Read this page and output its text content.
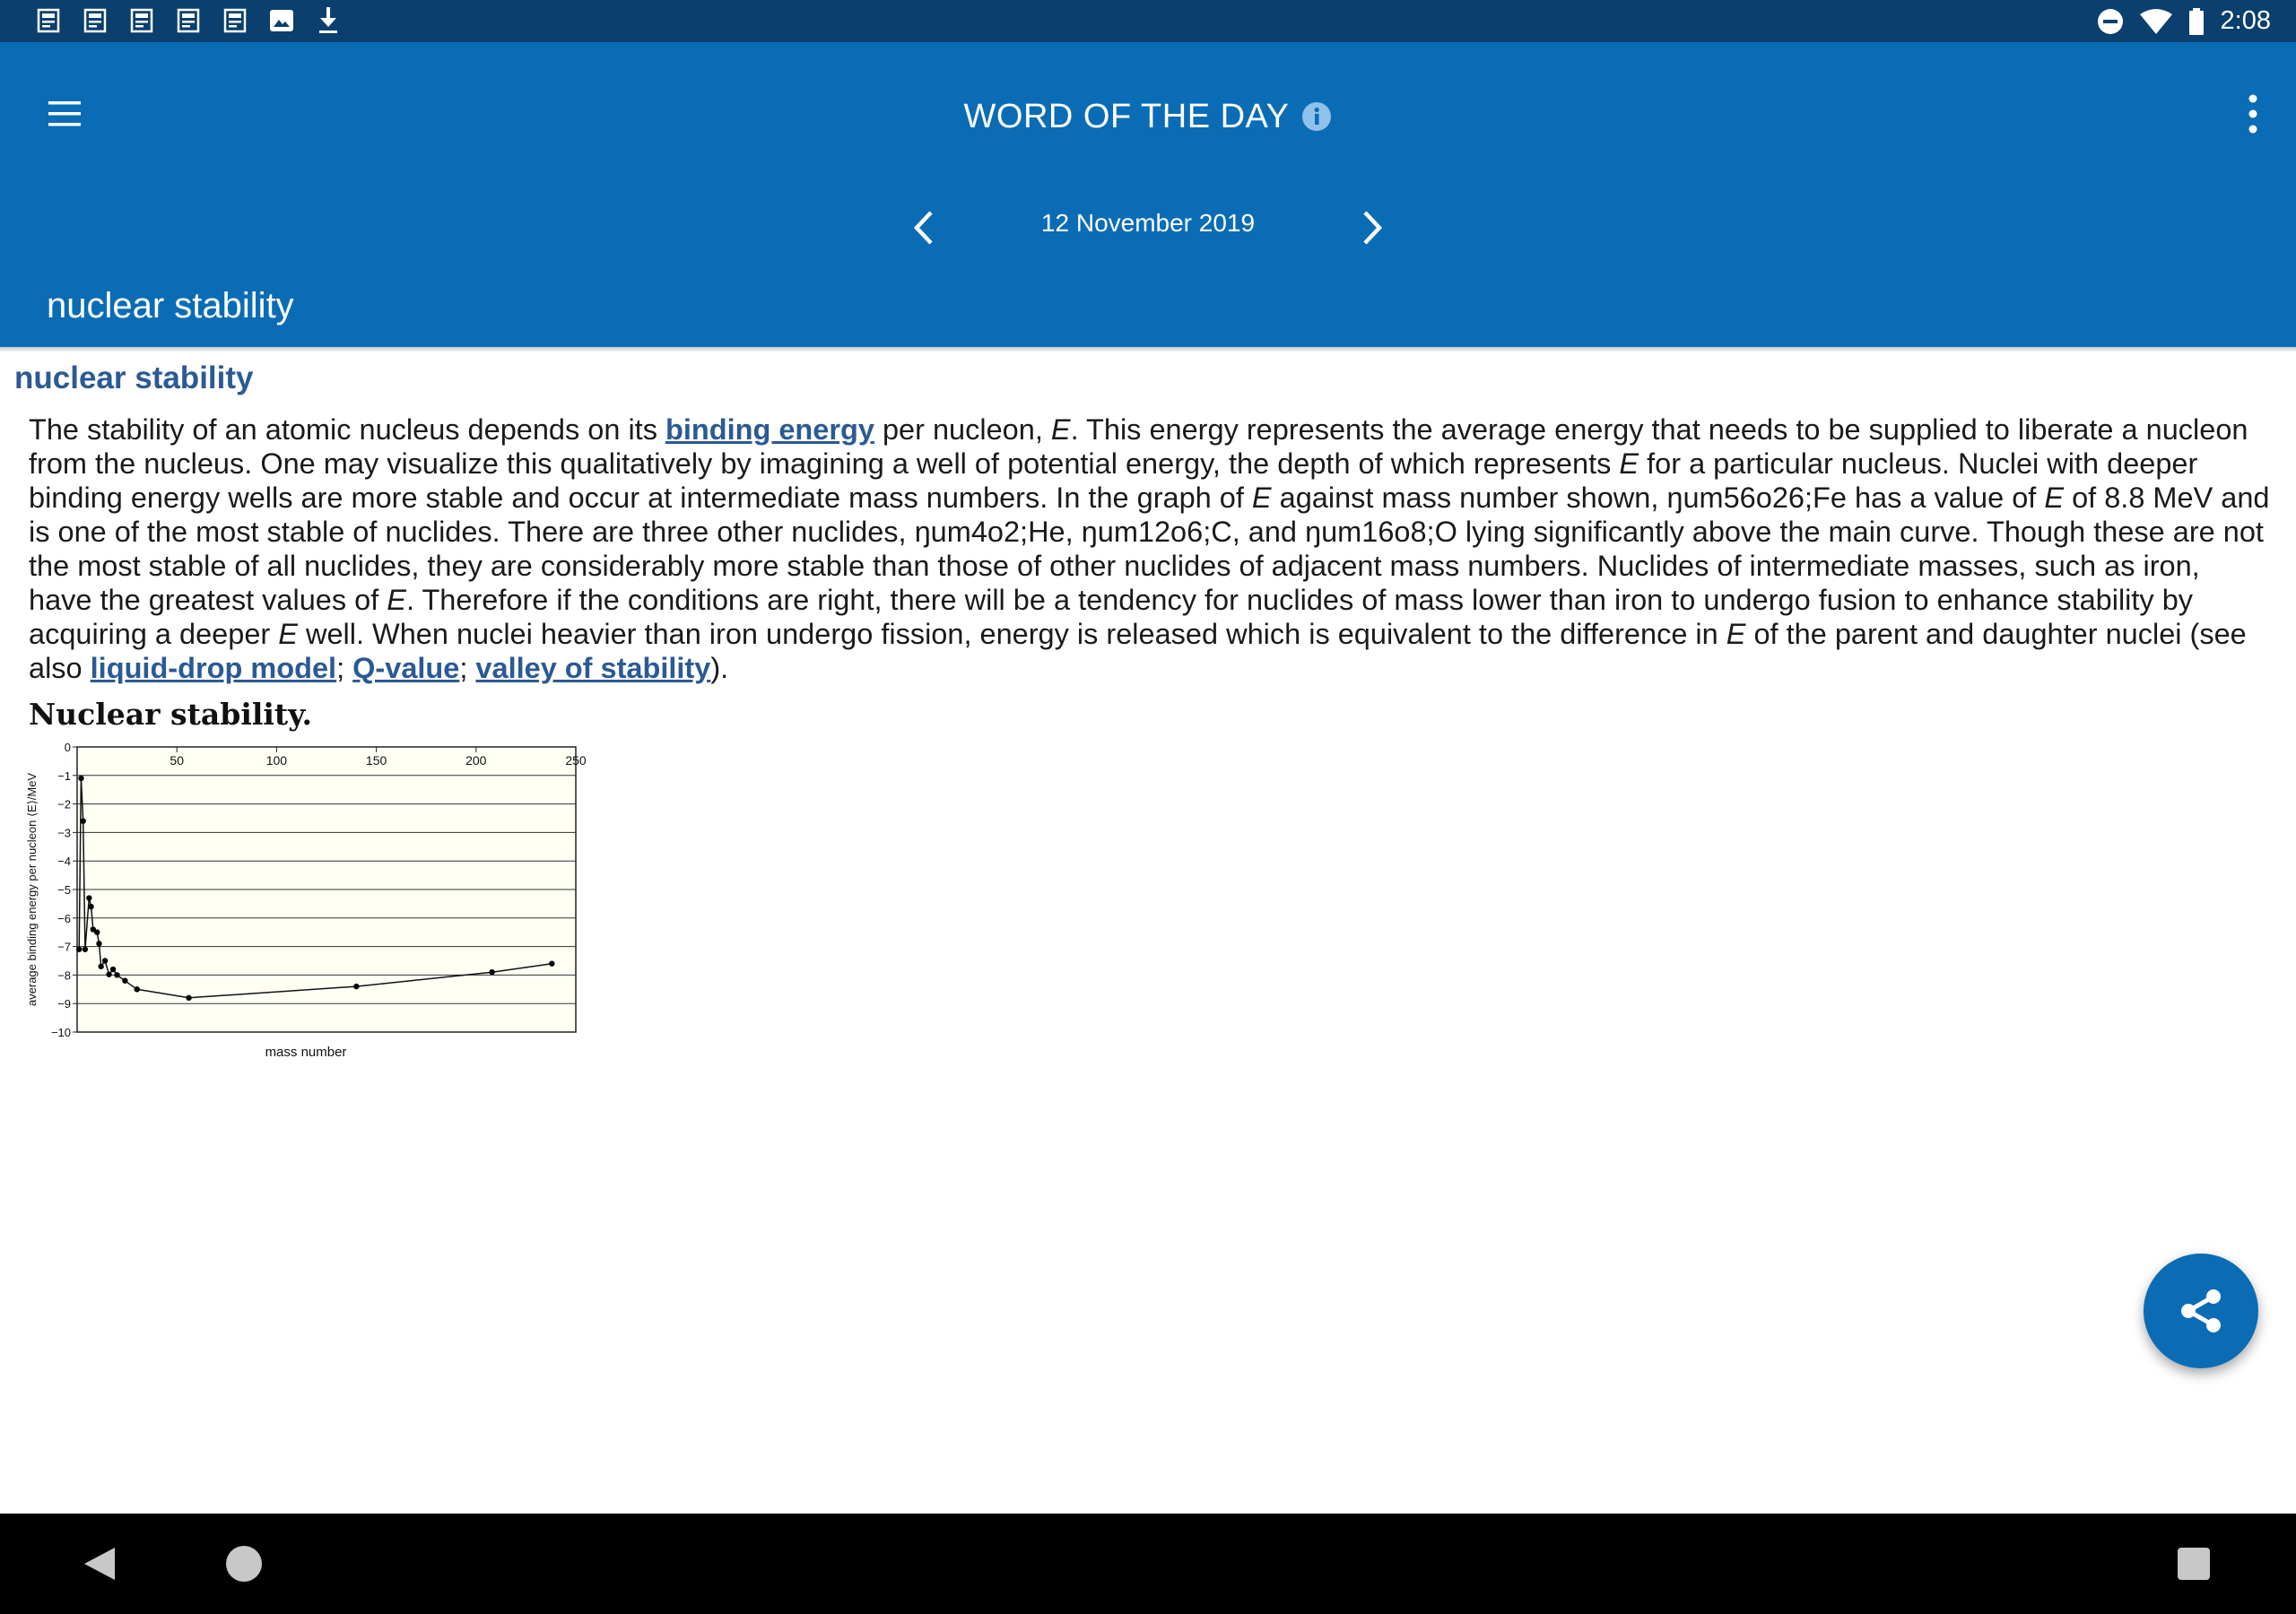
2:08
WORD OF THE DAY
12 November 2019
nuclear stability
nuclear stability
The stability of an atomic nucleus depends on its binding energy per nucleon, E. This energy represents the average energy that needs to be supplied to liberate a nucleon from the nucleus. One may visualize this qualitatively by imagining a well of potential energy, the depth of which represents E for a particular nucleus. Nuclei with deeper binding energy wells are more stable and occur at intermediate mass numbers. In the graph of E against mass number shown, ŋum56o26;Fe has a value of E of 8.8 MeV and is one of the most stable of nuclides. There are three other nuclides, ŋum4o2;He, ŋum12o6;C, and ŋum16o8;O lying significantly above the main curve. Though these are not the most stable of all nuclides, they are considerably more stable than those of other nuclides of adjacent mass numbers. Nuclides of intermediate masses, such as iron, have the greatest values of E. Therefore if the conditions are right, there will be a tendency for nuclides of mass lower than iron to undergo fusion to enhance stability by acquiring a deeper E well. When nuclei heavier than iron undergo fission, energy is released which is equivalent to the difference in E of the parent and daughter nuclei (see also liquid-drop model; Q-value; valley of stability).
Nuclear stability.
0
−1
−2
−3
−4
−5
−6
−7
−8
−9
−10
50	100	150	200	250
mass number
average binding energy per nucleon ⟨E⟩/MeV
